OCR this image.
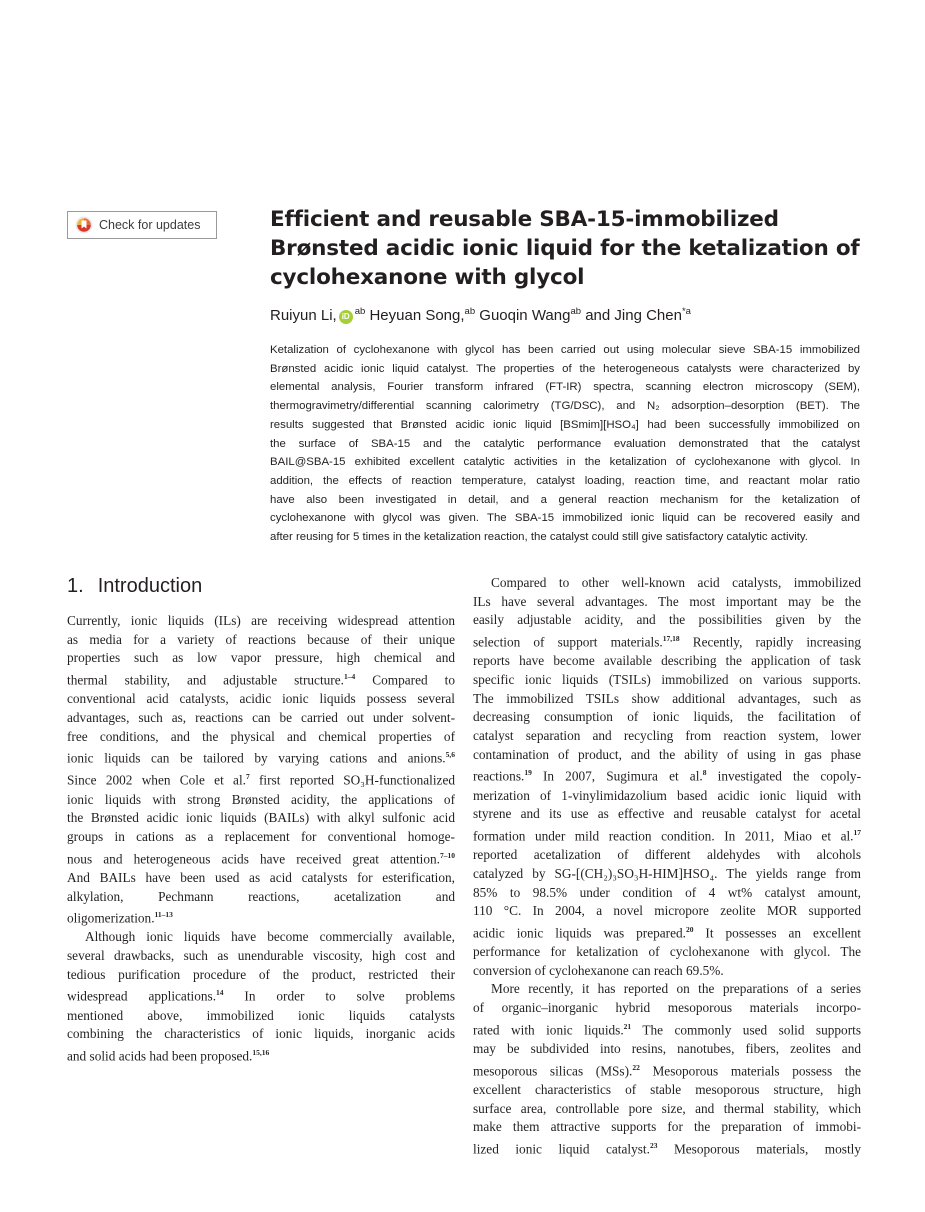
Check for updates	Efficient and reusable SBA-15-immobilized
Brønsted acidic ionic liquid for the ketalization of
cyclohexanone with glycol
Ruiyun Li, iD $^{ab}$ Heyuan Song,$^{ab}$ Guoqin Wang$^{ab}$ and Jing Chen$^{*a}$
Ketalization of cyclohexanone with glycol has been carried out using molecular sieve SBA-15 immobilized
Brønsted acidic ionic liquid catalyst. The properties of the heterogeneous catalysts were characterized by
elemental analysis, Fourier transform infrared (FT-IR) spectra, scanning electron microscopy (SEM),
thermogravimetry/differential scanning calorimetry (TG/DSC), and N₂ adsorption–desorption (BET). The
results suggested that Brønsted acidic ionic liquid [BSmim][HSO₄] had been successfully immobilized on
the surface of SBA-15 and the catalytic performance evaluation demonstrated that the catalyst
BAIL@SBA-15 exhibited excellent catalytic activities in the ketalization of cyclohexanone with glycol. In
addition, the effects of reaction temperature, catalyst loading, reaction time, and reactant molar ratio
have also been investigated in detail, and a general reaction mechanism for the ketalization of
cyclohexanone with glycol was given. The SBA-15 immobilized ionic liquid can be recovered easily and
after reusing for 5 times in the ketalization reaction, the catalyst could still give satisfactory catalytic activity.
1. Introduction
Currently, ionic liquids (ILs) are receiving widespread attention
as media for a variety of reactions because of their unique
properties such as low vapor pressure, high chemical and
thermal stability, and adjustable structure.$^{1-4}$ Compared to
conventional acid catalysts, acidic ionic liquids possess several
advantages, such as, reactions can be carried out under solvent-
free conditions, and the physical and chemical properties of
ionic liquids can be tailored by varying cations and anions.$^{5,6}$
Since 2002 when Cole et al.$^7$ first reported SO₃H-functionalized
ionic liquids with strong Brønsted acidity, the applications of
the Brønsted acidic ionic liquids (BAILs) with alkyl sulfonic acid
groups in cations as a replacement for conventional homoge-
nous and heterogeneous acids have received great attention.$^{7-10}$
And BAILs have been used as acid catalysts for esterification,
alkylation, Pechmann reactions, acetalization and
oligomerization.$^{11-13}$
Although ionic liquids have become commercially available,
several drawbacks, such as unendurable viscosity, high cost and
tedious purification procedure of the product, restricted their
widespread applications.$^{14}$ In order to solve problems
mentioned above, immobilized ionic liquids catalysts
combining the characteristics of ionic liquids, inorganic acids
and solid acids had been proposed.$^{15,16}$
Compared to other well-known acid catalysts, immobilized
ILs have several advantages. The most important may be the
easily adjustable acidity, and the possibilities given by the
selection of support materials.$^{17,18}$ Recently, rapidly increasing
reports have become available describing the application of task
specific ionic liquids (TSILs) immobilized on various supports.
The immobilized TSILs show additional advantages, such as
decreasing consumption of ionic liquids, the facilitation of
catalyst separation and recycling from reaction system, lower
contamination of product, and the ability of using in gas phase
reactions.$^{19}$ In 2007, Sugimura et al.$^8$ investigated the copoly-
merization of 1-vinylimidazolium based acidic ionic liquid with
styrene and its use as effective and reusable catalyst for acetal
formation under mild reaction condition. In 2011, Miao et al.$^{17}$
reported acetalization of different aldehydes with alcohols
catalyzed by SG-[(CH₂)₃SO₃H-HIM]HSO₄. The yields range from
85% to 98.5% under condition of 4 wt% catalyst amount,
110 °C. In 2004, a novel micropore zeolite MOR supported
acidic ionic liquids was prepared.$^{20}$ It possesses an excellent
performance for ketalization of cyclohexanone with glycol. The
conversion of cyclohexanone can reach 69.5%.
More recently, it has reported on the preparations of a series
of organic–inorganic hybrid mesoporous materials incorpo-
rated with ionic liquids.$^{21}$ The commonly used solid supports
may be subdivided into resins, nanotubes, fibers, zeolites and
mesoporous silicas (MSs).$^{22}$ Mesoporous materials possess the
excellent characteristics of stable mesoporous structure, high
surface area, controllable pore size, and thermal stability, which
make them attractive supports for the preparation of immobi-
lized ionic liquid catalyst.$^{23}$ Mesoporous materials, mostly
